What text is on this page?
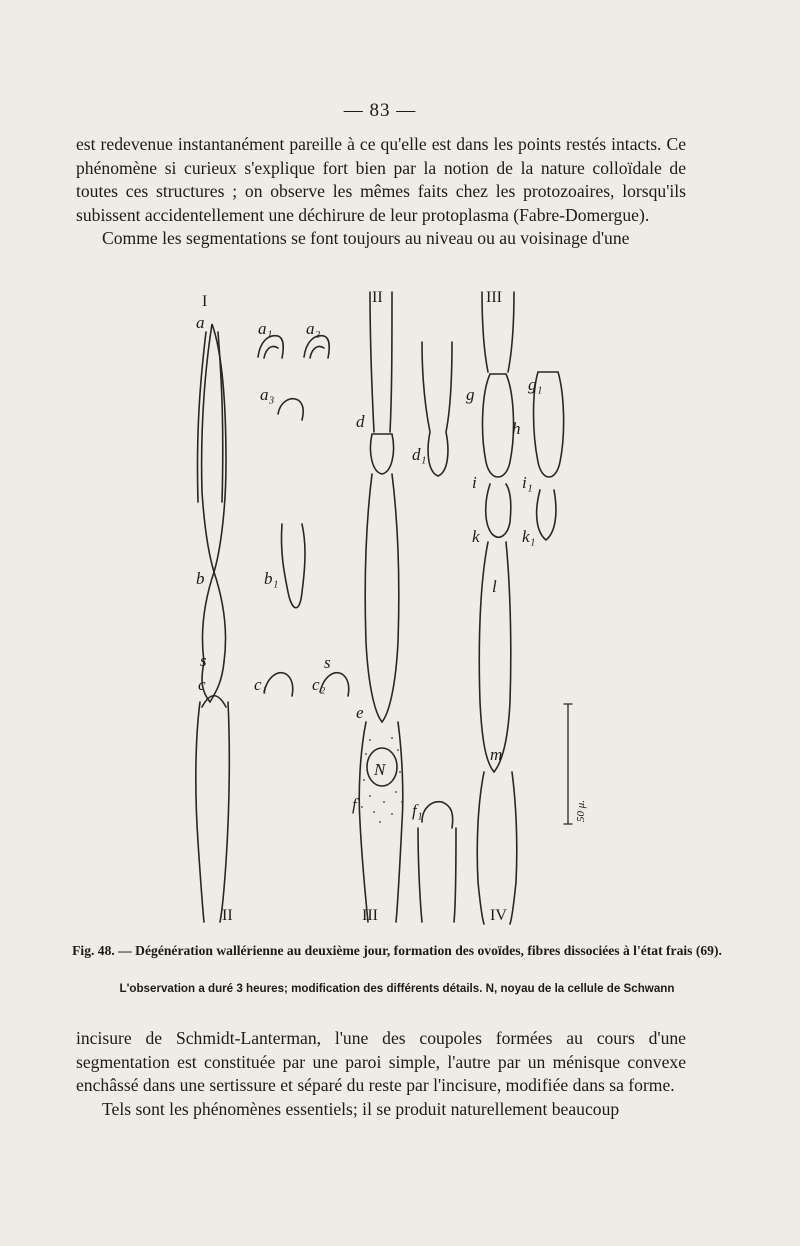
— 83 —

est redevenue instantanément pareille à ce qu'elle est dans les points restés intacts. Ce phénomène si curieux s'explique fort bien par la notion de la nature colloïdale de toutes ces structures ; on observe les mêmes faits chez les protozoaires, lorsqu'ils subissent accidentellement une déchirure de leur protoplasma (Fabre-Domergue).

Comme les segmentations se font toujours au niveau ou au voisinage d'une

I	II	III
II	III	IV
a	a₁ a₂
a₃
b	b₁
s
c	c₁	c₂
s
d
d₁
e
N
f	f₁
g
g₁
h
i	i₁
k k₁
l
m
50 μ.
Fig. 48. — Dégénération wallérienne au deuxième jour, formation des ovoïdes, fibres dissociées à l'état frais (69).
L'observation a duré 3 heures; modification des différents détails. N, noyau de la cellule de Schwann

incisure de Schmidt-Lanterman, l'une des coupoles formées au cours d'une segmentation est constituée par une paroi simple, l'autre par un ménisque convexe enchâssé dans une sertissure et séparé du reste par l'incisure, modifiée dans sa forme.

Tels sont les phénomènes essentiels; il se produit naturellement beaucoup
